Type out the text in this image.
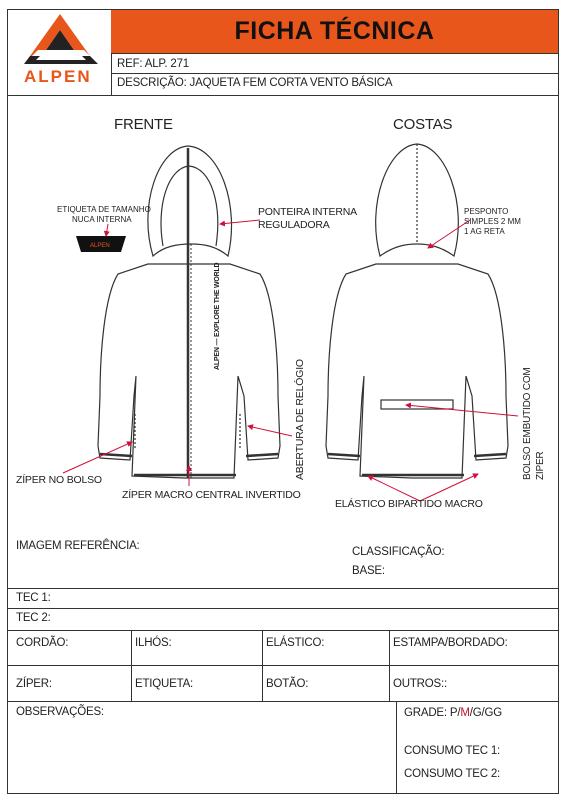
ALPEN
FICHA TÉCNICA
REF: ALP. 271
DESCRIÇÃO: JAQUETA FEM CORTA VENTO BÁSICA
FRENTE	COSTAS
ALPEN
ETIQUETA DE TAMANHO
NUCA INTERNA
PONTEIRA INTERNA
REGULADORA
PESPONTO
SIMPLES 2 MM
1 AG RETA
ABERTURA DE RELÓGIO
ALPEN — EXPLORE THE WORLD
BOLSO EMBUTIDO COM ZIPER
ZÍPER NO BOLSO
ZÍPER MACRO CENTRAL INVERTIDO
ELÁSTICO BIPARTIDO MACRO
IMAGEM REFERÊNCIA:	CLASSIFICAÇÃO:
BASE:
TEC 1:
TEC 2:
CORDÃO:	ILHÓS:	ELÁSTICO:	ESTAMPA/BORDADO:
ZÍPER:	ETIQUETA:	BOTÃO:	OUTROS::
OBSERVAÇÕES:	GRADE: P/M/G/GG
CONSUMO TEC 1:
CONSUMO TEC 2:
